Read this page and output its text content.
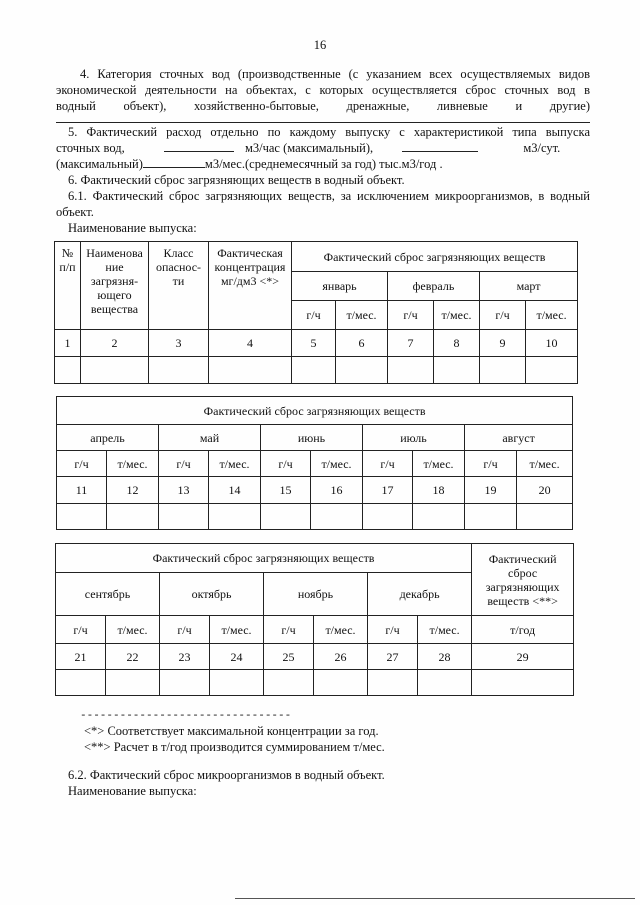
16
4. Категория сточных вод (производственные (с указанием всех осуществляемых видов
экономической деятельности на объектах, с которых осуществляется сброс сточных вод в
водный объект), хозяйственно-бытовые, дренажные, ливневые и другие)
5. Фактический расход отдельно по каждому выпуску с характеристикой типа выпуска
сточных вод,	м3/час (максимальный),	м3/сут.
(максимальный)	м3/мес.(среднемесячный за год) тыс.м3/год .
6. Фактический сброс загрязняющих веществ в водный объект.
6.1. Фактический сброс загрязняющих веществ, за исключением микроорганизмов, в водный
объект.
Наименование выпуска:
№ п/п	Наименова ние загрязня- ющего вещества	Класс опаснос- ти	Фактическая концентрация мг/дм3 <*>	Фактический сброс загрязняющих веществ					
				январь		февраль		март	
				г/ч	т/мес.	г/ч	т/мес.	г/ч	т/мес.
1	2	3	4	5	6	7	8	9	10

Фактический сброс загрязняющих веществ									
апрель		май		июнь		июль		август	
г/ч	т/мес.	г/ч	т/мес.	г/ч	т/мес.	г/ч	т/мес.	г/ч	т/мес.
11	12	13	14	15	16	17	18	19	20

Фактический сброс загрязняющих веществ								Фактический сброс загрязняющих веществ <**>
сентябрь		октябрь		ноябрь		декабрь		
г/ч	т/мес.	г/ч	т/мес.	г/ч	т/мес.	г/ч	т/мес.	т/год
21	22	23	24	25	26	27	28	29

--------------------------------
<*> Соответствует максимальной концентрации за год.
<**> Расчет в т/год производится суммированием т/мес.
6.2. Фактический сброс микроорганизмов в водный объект.
Наименование выпуска:
